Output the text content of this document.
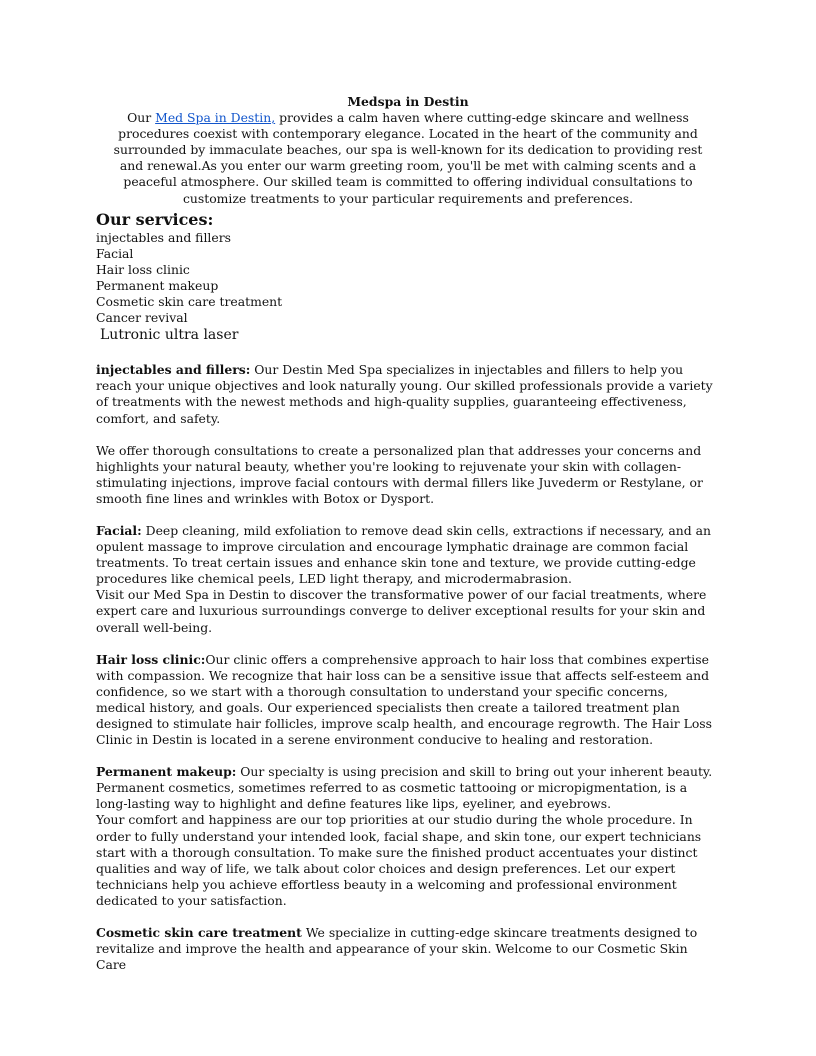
Medspa in Destin

Our Med Spa in Destin, provides a calm haven where cutting-edge skincare and wellness procedures coexist with contemporary elegance. Located in the heart of the community and surrounded by immaculate beaches, our spa is well-known for its dedication to providing rest and renewal.As you enter our warm greeting room, you'll be met with calming scents and a peaceful atmosphere. Our skilled team is committed to offering individual consultations to customize treatments to your particular requirements and preferences.

Our services:
injectables and fillers
Facial
Hair loss clinic
Permanent makeup
Cosmetic skin care treatment
Cancer revival
Lutronic ultra laser

injectables and fillers: Our Destin Med Spa specializes in injectables and fillers to help you reach your unique objectives and look naturally young. Our skilled professionals provide a variety of treatments with the newest methods and high-quality supplies, guaranteeing effectiveness, comfort, and safety.

We offer thorough consultations to create a personalized plan that addresses your concerns and highlights your natural beauty, whether you're looking to rejuvenate your skin with collagen-stimulating injections, improve facial contours with dermal fillers like Juvederm or Restylane, or smooth fine lines and wrinkles with Botox or Dysport.

Facial: Deep cleaning, mild exfoliation to remove dead skin cells, extractions if necessary, and an opulent massage to improve circulation and encourage lymphatic drainage are common facial treatments. To treat certain issues and enhance skin tone and texture, we provide cutting-edge procedures like chemical peels, LED light therapy, and microdermabrasion.

Visit our Med Spa in Destin to discover the transformative power of our facial treatments, where expert care and luxurious surroundings converge to deliver exceptional results for your skin and overall well-being.

Hair loss clinic:Our clinic offers a comprehensive approach to hair loss that combines expertise with compassion. We recognize that hair loss can be a sensitive issue that affects self-esteem and confidence, so we start with a thorough consultation to understand your specific concerns, medical history, and goals. Our experienced specialists then create a tailored treatment plan designed to stimulate hair follicles, improve scalp health, and encourage regrowth. The Hair Loss Clinic in Destin is located in a serene environment conducive to healing and restoration.

Permanent makeup: Our specialty is using precision and skill to bring out your inherent beauty. Permanent cosmetics, sometimes referred to as cosmetic tattooing or micropigmentation, is a long-lasting way to highlight and define features like lips, eyeliner, and eyebrows.

Your comfort and happiness are our top priorities at our studio during the whole procedure. In order to fully understand your intended look, facial shape, and skin tone, our expert technicians start with a thorough consultation. To make sure the finished product accentuates your distinct qualities and way of life, we talk about color choices and design preferences. Let our expert technicians help you achieve effortless beauty in a welcoming and professional environment dedicated to your satisfaction.

Cosmetic skin care treatment We specialize in cutting-edge skincare treatments designed to revitalize and improve the health and appearance of your skin. Welcome to our Cosmetic Skin Care
